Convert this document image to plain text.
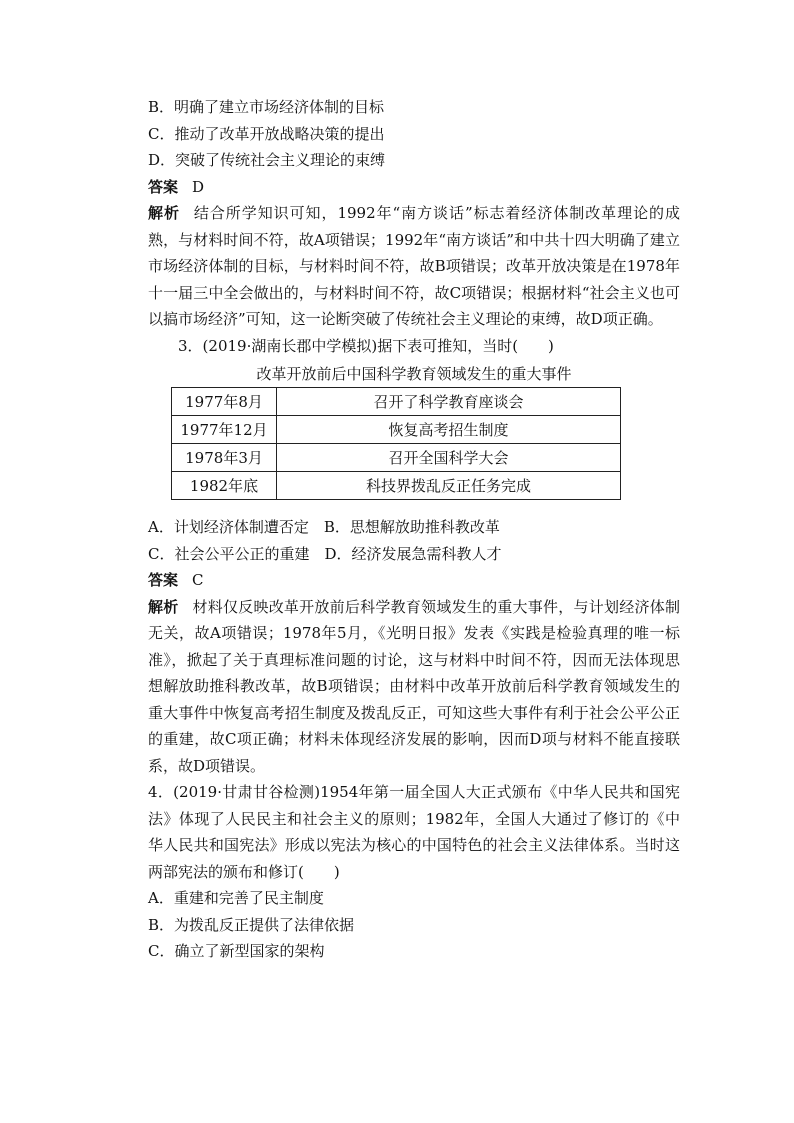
B．明确了建立市场经济体制的目标
C．推动了改革开放战略决策的提出
D．突破了传统社会主义理论的束缚
答案 D
解析 结合所学知识可知，1992年“南方谈话”标志着经济体制改革理论的成熟，与材料时间不符，故A项错误；1992年“南方谈话”和中共十四大明确了建立市场经济体制的目标，与材料时间不符，故B项错误；改革开放决策是在1978年十一届三中全会做出的，与材料时间不符，故C项错误；根据材料“社会主义也可以搞市场经济”可知，这一论断突破了传统社会主义理论的束缚，故D项正确。
3．(2019·湖南长郡中学模拟)据下表可推知，当时(　　)
改革开放前后中国科学教育领域发生的重大事件
1977年8月	召开了科学教育座谈会
1977年12月	恢复高考招生制度
1978年3月	召开全国科学大会
1982年底	科技界拨乱反正任务完成
A．计划经济体制遭否定　B．思想解放助推科教改革
C．社会公平公正的重建　D．经济发展急需科教人才
答案 C
解析 材料仅反映改革开放前后科学教育领域发生的重大事件，与计划经济体制无关，故A项错误；1978年5月，《光明日报》发表《实践是检验真理的唯一标准》，掀起了关于真理标准问题的讨论，这与材料中时间不符，因而无法体现思想解放助推科教改革，故B项错误；由材料中改革开放前后科学教育领域发生的重大事件中恢复高考招生制度及拨乱反正，可知这些大事件有利于社会公平公正的重建，故C项正确；材料未体现经济发展的影响，因而D项与材料不能直接联系，故D项错误。
4．(2019·甘肃甘谷检测)1954年第一届全国人大正式颁布《中华人民共和国宪法》体现了人民民主和社会主义的原则；1982年，全国人大通过了修订的《中华人民共和国宪法》形成以宪法为核心的中国特色的社会主义法律体系。当时这两部宪法的颁布和修订(　　)
A．重建和完善了民主制度
B．为拨乱反正提供了法律依据
C．确立了新型国家的架构
